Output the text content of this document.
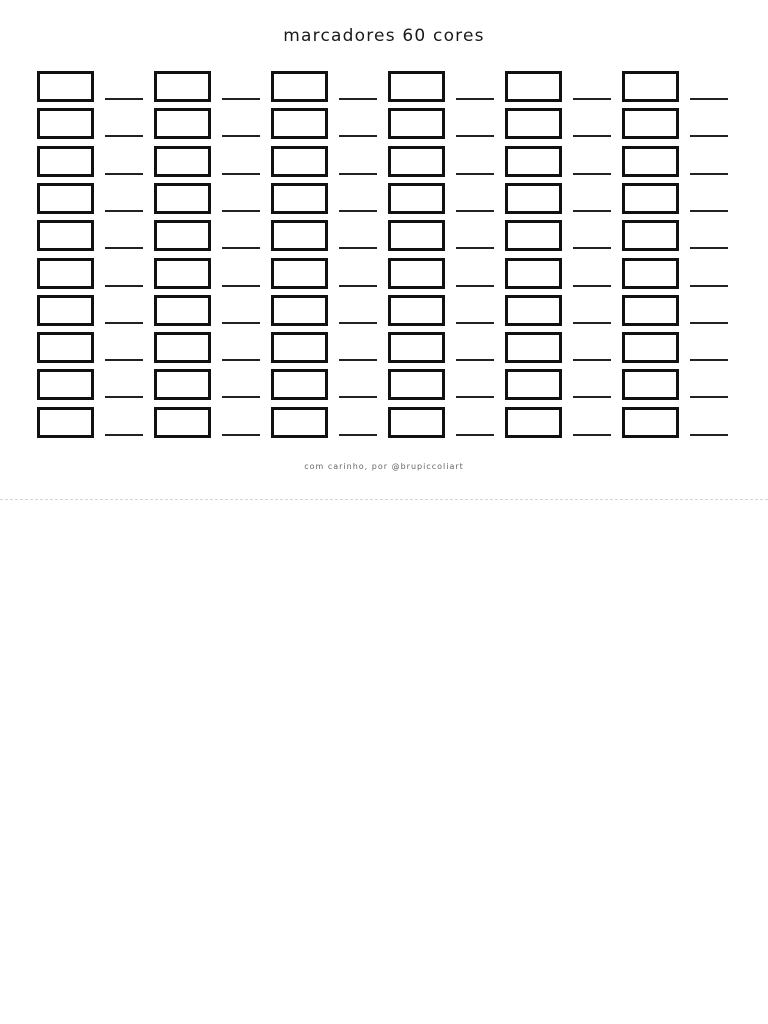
marcadores 60 cores
com carinho, por @brupiccoliart
